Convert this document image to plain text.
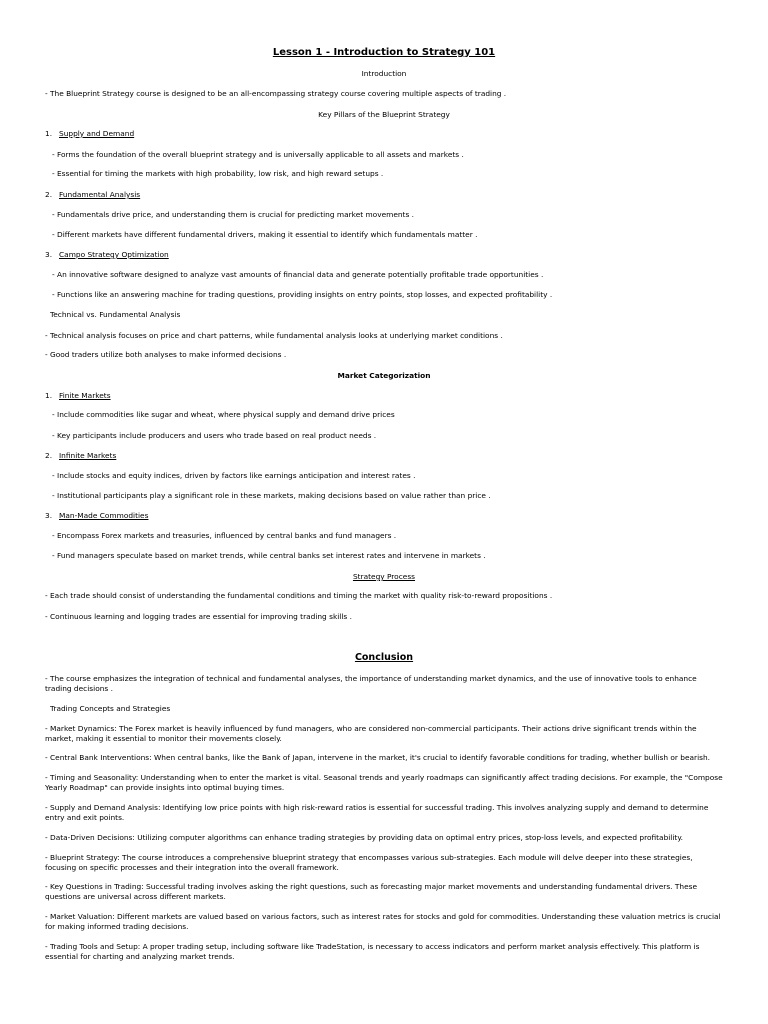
Lesson 1 - Introduction to Strategy 101
Introduction
- The Blueprint Strategy course is designed to be an all-encompassing strategy course covering multiple aspects of trading .
Key Pillars of the Blueprint Strategy
1. Supply and Demand
- Forms the foundation of the overall blueprint strategy and is universally applicable to all assets and markets .
- Essential for timing the markets with high probability, low risk, and high reward setups .
2. Fundamental Analysis
- Fundamentals drive price, and understanding them is crucial for predicting market movements .
- Different markets have different fundamental drivers, making it essential to identify which fundamentals matter .
3. Campo Strategy Optimization
- An innovative software designed to analyze vast amounts of financial data and generate potentially profitable trade opportunities .
- Functions like an answering machine for trading questions, providing insights on entry points, stop losses, and expected profitability .
Technical vs. Fundamental Analysis
- Technical analysis focuses on price and chart patterns, while fundamental analysis looks at underlying market conditions .
- Good traders utilize both analyses to make informed decisions .
Market Categorization
1. Finite Markets
- Include commodities like sugar and wheat, where physical supply and demand drive prices
- Key participants include producers and users who trade based on real product needs .
2. Infinite Markets
- Include stocks and equity indices, driven by factors like earnings anticipation and interest rates .
- Institutional participants play a significant role in these markets, making decisions based on value rather than price .
3. Man-Made Commodities
- Encompass Forex markets and treasuries, influenced by central banks and fund managers .
- Fund managers speculate based on market trends, while central banks set interest rates and intervene in markets .
Strategy Process
- Each trade should consist of understanding the fundamental conditions and timing the market with quality risk-to-reward propositions .
- Continuous learning and logging trades are essential for improving trading skills .
Conclusion
- The course emphasizes the integration of technical and fundamental analyses, the importance of understanding market dynamics, and the use of innovative tools to enhance trading decisions .
Trading Concepts and Strategies
- Market Dynamics: The Forex market is heavily influenced by fund managers, who are considered non-commercial participants. Their actions drive significant trends within the market, making it essential to monitor their movements closely.
- Central Bank Interventions: When central banks, like the Bank of Japan, intervene in the market, it's crucial to identify favorable conditions for trading, whether bullish or bearish.
- Timing and Seasonality: Understanding when to enter the market is vital. Seasonal trends and yearly roadmaps can significantly affect trading decisions. For example, the "Compose Yearly Roadmap" can provide insights into optimal buying times.
- Supply and Demand Analysis: Identifying low price points with high risk-reward ratios is essential for successful trading. This involves analyzing supply and demand to determine entry and exit points.
- Data-Driven Decisions: Utilizing computer algorithms can enhance trading strategies by providing data on optimal entry prices, stop-loss levels, and expected profitability.
- Blueprint Strategy: The course introduces a comprehensive blueprint strategy that encompasses various sub-strategies. Each module will delve deeper into these strategies, focusing on specific processes and their integration into the overall framework.
- Key Questions in Trading: Successful trading involves asking the right questions, such as forecasting major market movements and understanding fundamental drivers. These questions are universal across different markets.
- Market Valuation: Different markets are valued based on various factors, such as interest rates for stocks and gold for commodities. Understanding these valuation metrics is crucial for making informed trading decisions.
- Trading Tools and Setup: A proper trading setup, including software like TradeStation, is necessary to access indicators and perform market analysis effectively. This platform is essential for charting and analyzing market trends.
